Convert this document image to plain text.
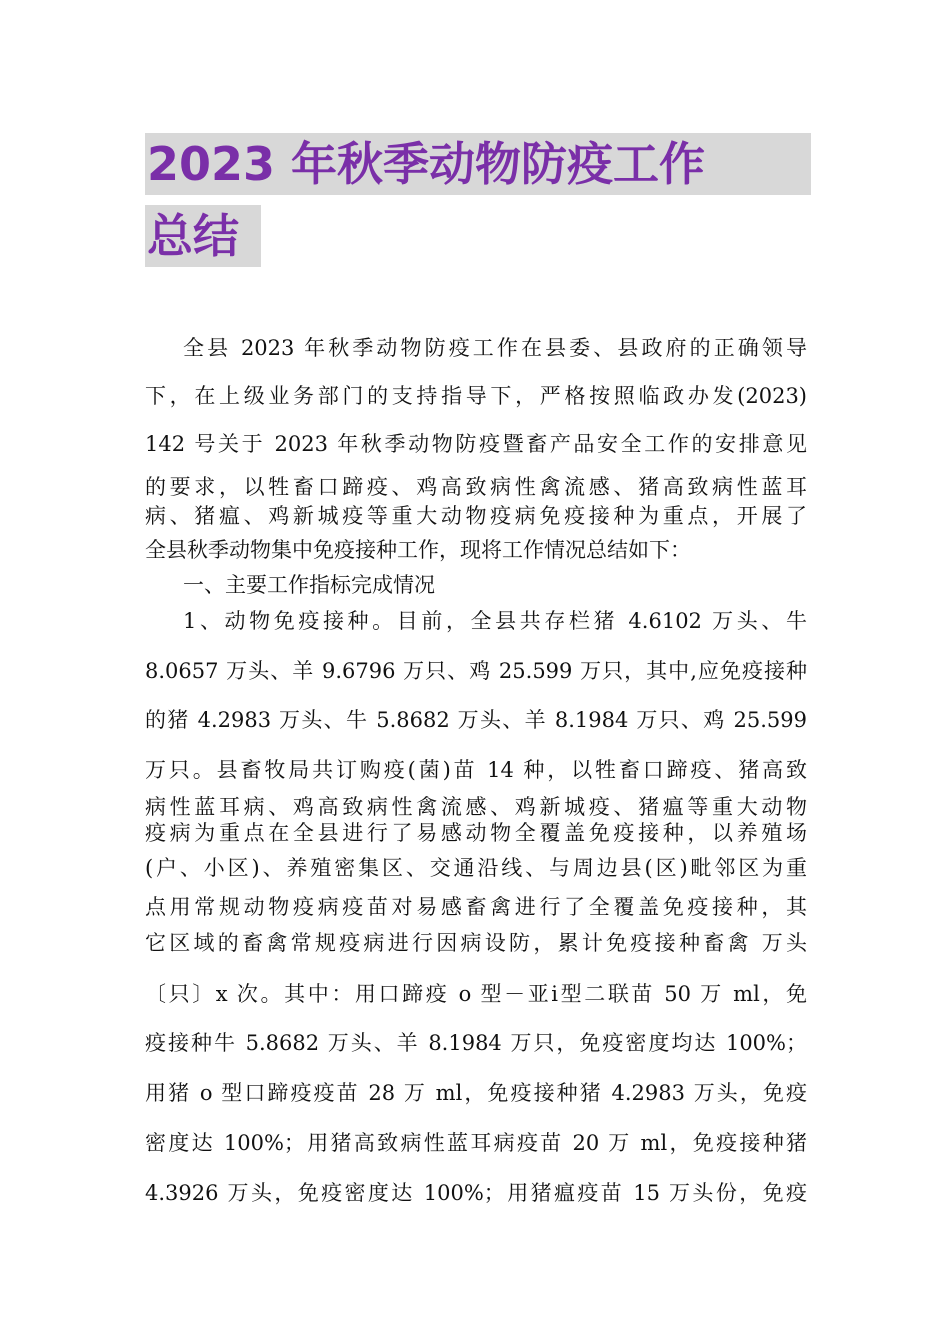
2023 年秋季动物防疫工作
总结
全县 2023 年秋季动物防疫工作在县委、县政府的正确领导
下，在上级业务部门的支持指导下，严格按照临政办发(2023)
142 号关于 2023 年秋季动物防疫暨畜产品安全工作的安排意见
的要求，以牲畜口蹄疫、鸡高致病性禽流感、猪高致病性蓝耳
病、猪瘟、鸡新城疫等重大动物疫病免疫接种为重点，开展了
全县秋季动物集中免疫接种工作，现将工作情况总结如下：
一、主要工作指标完成情况
1、动物免疫接种。目前，全县共存栏猪 4.6102 万头、牛
8.0657 万头、羊 9.6796 万只、鸡 25.599 万只，其中,应免疫接种
的猪 4.2983 万头、牛 5.8682 万头、羊 8.1984 万只、鸡 25.599
万只。县畜牧局共订购疫(菌)苗 14 种，以牲畜口蹄疫、猪高致
病性蓝耳病、鸡高致病性禽流感、鸡新城疫、猪瘟等重大动物
疫病为重点在全县进行了易感动物全覆盖免疫接种，以养殖场
(户、小区)、养殖密集区、交通沿线、与周边县(区)毗邻区为重
点用常规动物疫病疫苗对易感畜禽进行了全覆盖免疫接种，其
它区域的畜禽常规疫病进行因病设防，累计免疫接种畜禽 万头
〔只〕x 次。其中：用口蹄疫 o 型－亚ⅰ型二联苗 50 万 ml，免
疫接种牛 5.8682 万头、羊 8.1984 万只，免疫密度均达 100%；
用猪 o 型口蹄疫疫苗 28 万 ml，免疫接种猪 4.2983 万头，免疫
密度达 100%；用猪高致病性蓝耳病疫苗 20 万 ml，免疫接种猪
4.3926 万头，免疫密度达 100%；用猪瘟疫苗 15 万头份，免疫
